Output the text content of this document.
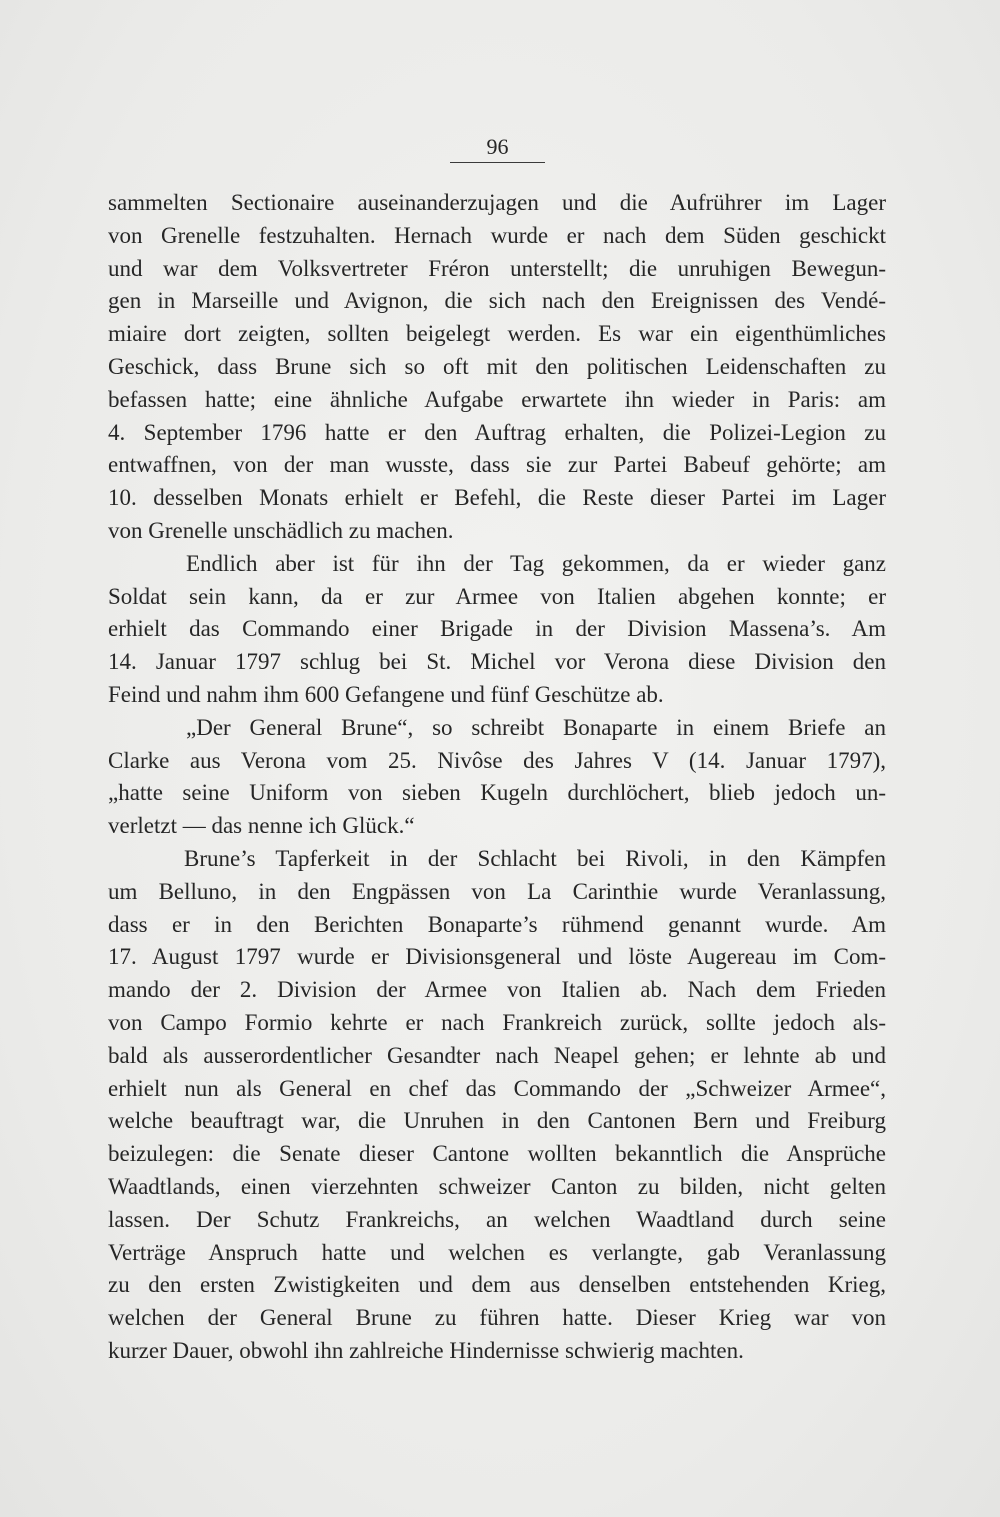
96
sammelten Sectionaire auseinanderzujagen und die Aufrührer im Lager
von Grenelle festzuhalten. Hernach wurde er nach dem Süden geschickt
und war dem Volksvertreter Fréron unterstellt; die unruhigen Bewegun-
gen in Marseille und Avignon, die sich nach den Ereignissen des Vendé-
miaire dort zeigten, sollten beigelegt werden. Es war ein eigenthümliches
Geschick, dass Brune sich so oft mit den politischen Leidenschaften zu
befassen hatte; eine ähnliche Aufgabe erwartete ihn wieder in Paris: am
4. September 1796 hatte er den Auftrag erhalten, die Polizei-Legion zu
entwaffnen, von der man wusste, dass sie zur Partei Babeuf gehörte; am
10. desselben Monats erhielt er Befehl, die Reste dieser Partei im Lager
von Grenelle unschädlich zu machen.
Endlich aber ist für ihn der Tag gekommen, da er wieder ganz
Soldat sein kann, da er zur Armee von Italien abgehen konnte; er
erhielt das Commando einer Brigade in der Division Massena’s. Am
14. Januar 1797 schlug bei St. Michel vor Verona diese Division den
Feind und nahm ihm 600 Gefangene und fünf Geschütze ab.
„Der General Brune“, so schreibt Bonaparte in einem Briefe an
Clarke aus Verona vom 25. Nivôse des Jahres V (14. Januar 1797),
„hatte seine Uniform von sieben Kugeln durchlöchert, blieb jedoch un-
verletzt — das nenne ich Glück.“
Brune’s Tapferkeit in der Schlacht bei Rivoli, in den Kämpfen
um Belluno, in den Engpässen von La Carinthie wurde Veranlassung,
dass er in den Berichten Bonaparte’s rühmend genannt wurde. Am
17. August 1797 wurde er Divisionsgeneral und löste Augereau im Com-
mando der 2. Division der Armee von Italien ab. Nach dem Frieden
von Campo Formio kehrte er nach Frankreich zurück, sollte jedoch als-
bald als ausserordentlicher Gesandter nach Neapel gehen; er lehnte ab und
erhielt nun als General en chef das Commando der „Schweizer Armee“,
welche beauftragt war, die Unruhen in den Cantonen Bern und Freiburg
beizulegen: die Senate dieser Cantone wollten bekanntlich die Ansprüche
Waadtlands, einen vierzehnten schweizer Canton zu bilden, nicht gelten
lassen. Der Schutz Frankreichs, an welchen Waadtland durch seine
Verträge Anspruch hatte und welchen es verlangte, gab Veranlassung
zu den ersten Zwistigkeiten und dem aus denselben entstehenden Krieg,
welchen der General Brune zu führen hatte. Dieser Krieg war von
kurzer Dauer, obwohl ihn zahlreiche Hindernisse schwierig machten.
